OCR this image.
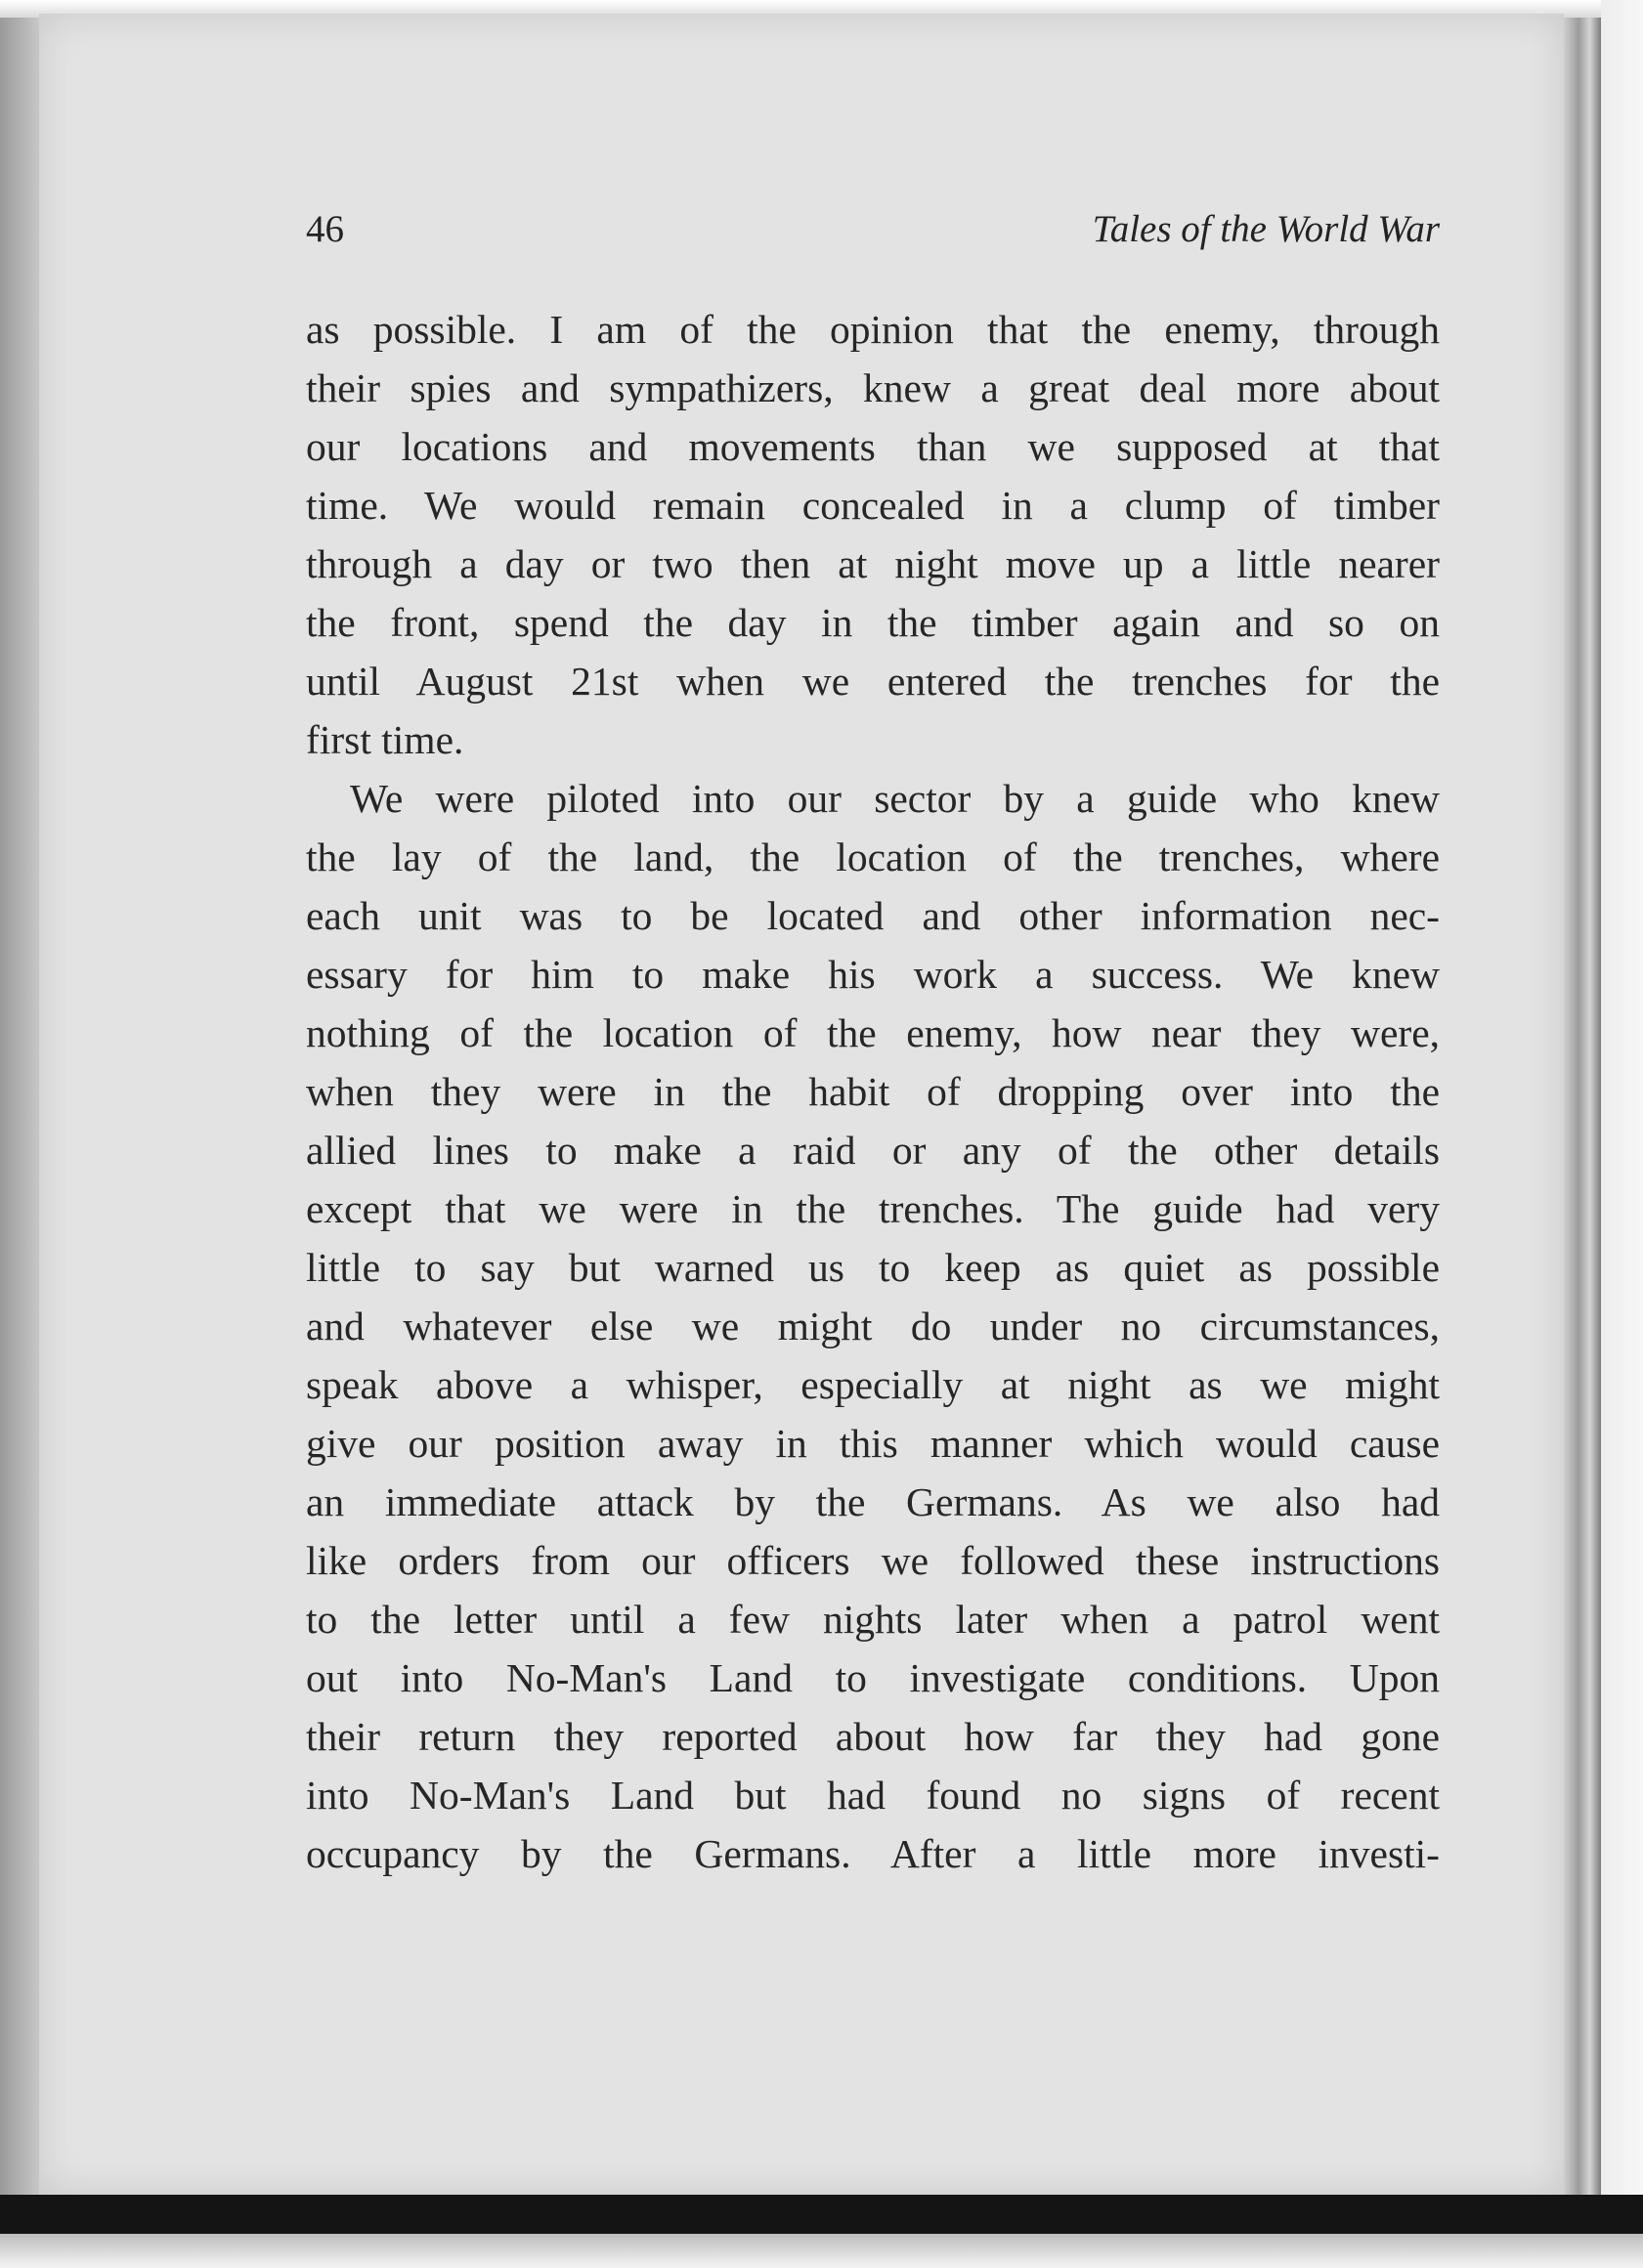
46	Tales of the World War
as possible. I am of the opinion that the enemy, through
their spies and sympathizers, knew a great deal more about
our locations and movements than we supposed at that
time. We would remain concealed in a clump of timber
through a day or two then at night move up a little nearer
the front, spend the day in the timber again and so on
until August 21st when we entered the trenches for the
first time.
We were piloted into our sector by a guide who knew
the lay of the land, the location of the trenches, where
each unit was to be located and other information nec-
essary for him to make his work a success. We knew
nothing of the location of the enemy, how near they were,
when they were in the habit of dropping over into the
allied lines to make a raid or any of the other details
except that we were in the trenches. The guide had very
little to say but warned us to keep as quiet as possible
and whatever else we might do under no circumstances,
speak above a whisper, especially at night as we might
give our position away in this manner which would cause
an immediate attack by the Germans. As we also had
like orders from our officers we followed these instructions
to the letter until a few nights later when a patrol went
out into No-Man's Land to investigate conditions. Upon
their return they reported about how far they had gone
into No-Man's Land but had found no signs of recent
occupancy by the Germans. After a little more investi-
